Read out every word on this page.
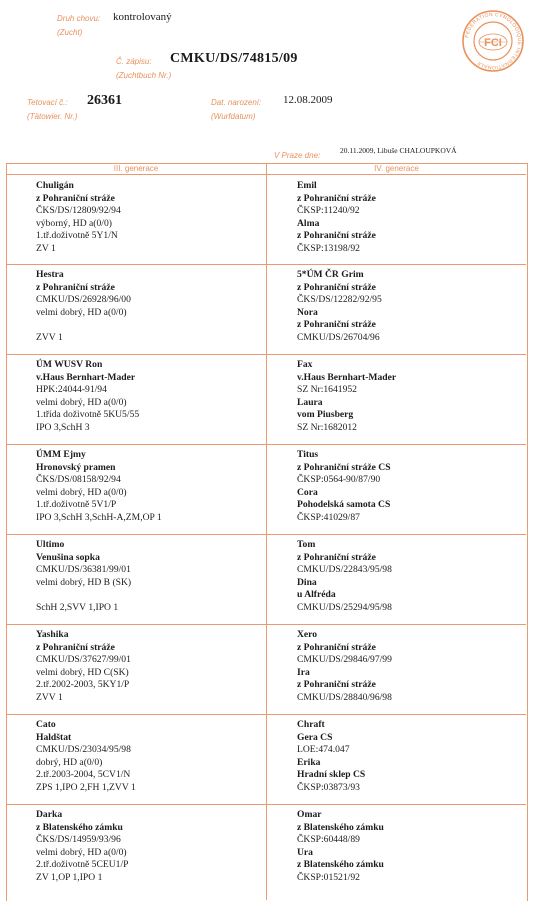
Druh chovu:
(Zucht)
kontrolovaný
Č. zápisu:
(Zuchtbuch Nr.)
CMKU/DS/74815/09
Tetovací č.:
(Tätowier. Nr.)
26361	Dat. narození:
(Wurfdatum)
12.08.2009
V Praze dne:
20.11.2009, Libuše CHALOUPKOVÁ
FEDERATION CYNOLOGIQUE INTERNATIONALE
FCI
III. generace	IV. generace
Chuligán
z Pohraniční stráže
ČKS/DS/12809/92/94
výborný, HD a(0/0)
1.tř.doživotně 5Y1/N
ZV 1
Emil
z Pohraniční stráže
ČKSP:11240/92
Alma
z Pohraniční stráže
ČKSP:13198/92
Hestra
z Pohraniční stráže
CMKU/DS/26928/96/00
velmi dobrý, HD a(0/0)
ZVV 1
5*ÚM ČR Grim
z Pohraniční stráže
ČKS/DS/12282/92/95
Nora
z Pohraniční stráže
CMKU/DS/26704/96
ÚM WUSV Ron
v.Haus Bernhart-Mader
HPK:24044-91/94
velmi dobrý, HD a(0/0)
1.třída doživotně 5KU5/55
IPO 3,SchH 3
Fax
v.Haus Bernhart-Mader
SZ Nr:1641952
Laura
vom Piusberg
SZ Nr:1682012
ÚMM Ejmy
Hronovský pramen
ČKS/DS/08158/92/94
velmi dobrý, HD a(0/0)
1.tř.doživotně 5V1/P
IPO 3,SchH 3,SchH-A,ZM,OP 1
Titus
z Pohraniční stráže CS
ČKSP:0564-90/87/90
Cora
Pohodelská samota CS
ČKSP:41029/87
Ultimo
Venušina sopka
CMKU/DS/36381/99/01
velmi dobrý, HD B (SK)
SchH 2,SVV 1,IPO 1
Tom
z Pohraniční stráže
CMKU/DS/22843/95/98
Dina
u Alfréda
CMKU/DS/25294/95/98
Yashika
z Pohraniční stráže
CMKU/DS/37627/99/01
velmi dobrý, HD C(SK)
2.tř.2002-2003, 5KY1/P
ZVV 1
Xero
z Pohraniční stráže
CMKU/DS/29846/97/99
Ira
z Pohraniční stráže
CMKU/DS/28840/96/98
Cato
Haldštat
CMKU/DS/23034/95/98
dobrý, HD a(0/0)
2.tř.2003-2004, 5CV1/N
ZPS 1,IPO 2,FH 1,ZVV 1
Chraft
Gera CS
LOE:474.047
Erika
Hradní sklep CS
ČKSP:03873/93
Darka
z Blatenského zámku
ČKS/DS/14959/93/96
velmi dobrý, HD a(0/0)
2.tř.doživotně 5CEU1/P
ZV 1,OP 1,IPO 1
Omar
z Blatenského zámku
ČKSP:60448/89
Ura
z Blatenského zámku
ČKSP:01521/92
